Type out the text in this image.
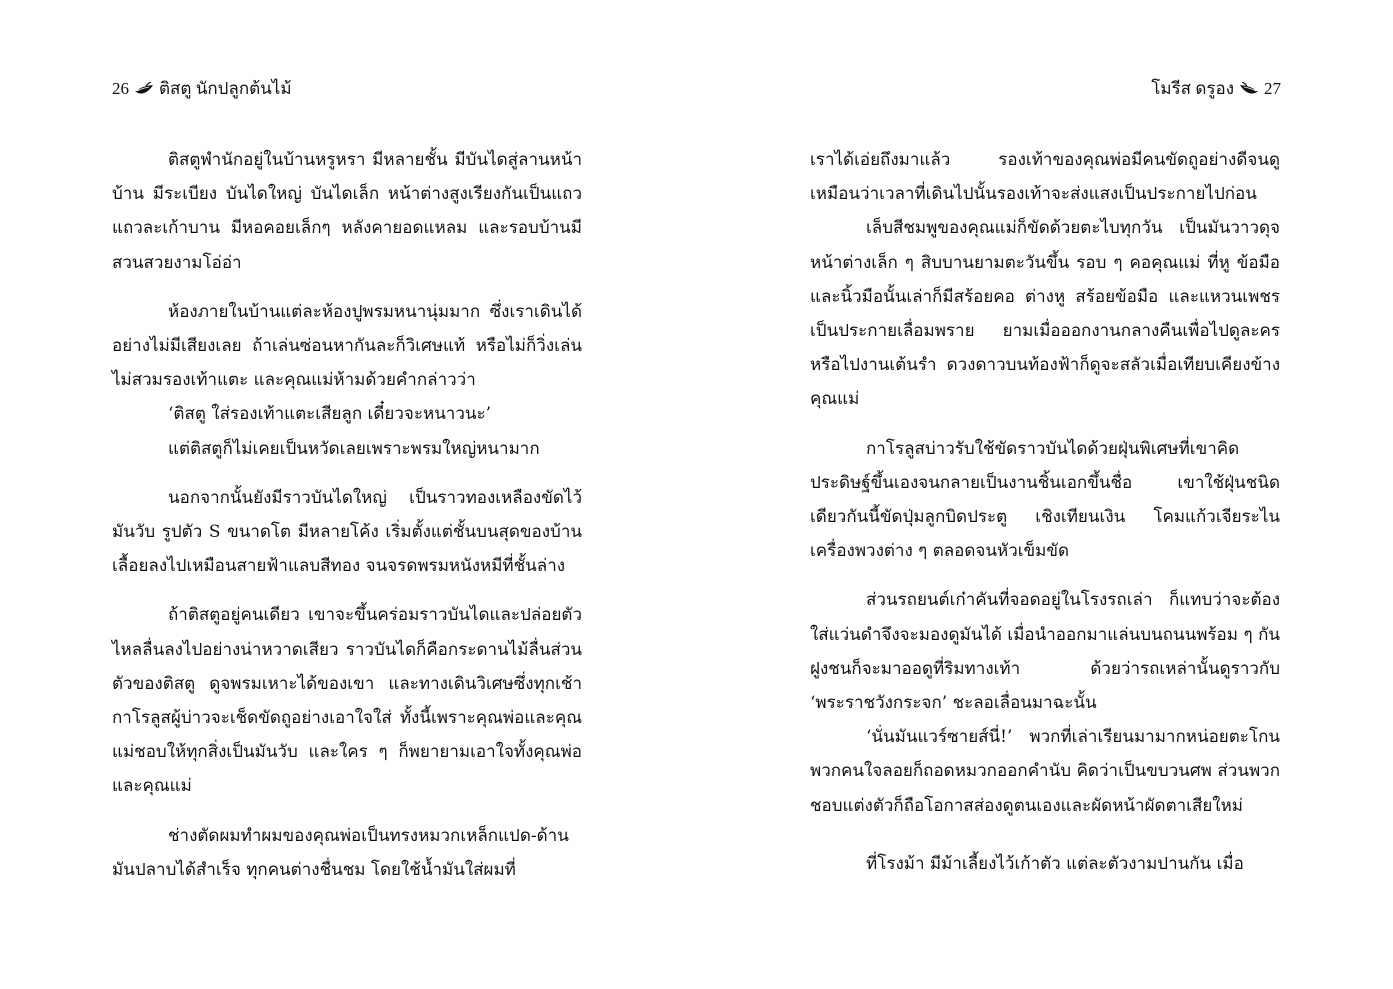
26 ติสตู นักปลูกต้นไม้

ติสตูพำนักอยู่ในบ้านหรูหรา มีหลายชั้น มีบันไดสู่ลานหน้าบ้าน มีระเบียง บันไดใหญ่ บันไดเล็ก หน้าต่างสูงเรียงกันเป็นแถว แถวละเก้าบาน มีหอคอยเล็กๆ หลังคายอดแหลม และรอบบ้านมีสวนสวยงามโอ่อ่า

ห้องภายในบ้านแต่ละห้องปูพรมหนานุ่มมาก ซึ่งเราเดินได้อย่างไม่มีเสียงเลย ถ้าเล่นซ่อนหากันละก็วิเศษแท้ หรือไม่ก็วิ่งเล่นไม่สวมรองเท้าแตะ และคุณแม่ห้ามด้วยคำกล่าวว่า

‘ติสตู ใส่รองเท้าแตะเสียลูก เดี๋ยวจะหนาวนะ’

แต่ติสตูก็ไม่เคยเป็นหวัดเลยเพราะพรมใหญ่หนามาก

นอกจากนั้นยังมีราวบันไดใหญ่ เป็นราวทองเหลืองขัดไว้มันวับ รูปตัว S ขนาดโต มีหลายโค้ง เริ่มตั้งแต่ชั้นบนสุดของบ้าน เลื้อยลงไปเหมือนสายฟ้าแลบสีทอง จนจรดพรมหนังหมีที่ชั้นล่าง

ถ้าติสตูอยู่คนเดียว เขาจะขึ้นคร่อมราวบันไดและปล่อยตัวไหลลื่นลงไปอย่างน่าหวาดเสียว ราวบันไดก็คือกระดานไม้ลื่นส่วนตัวของติสตู ดูจพรมเหาะได้ของเขา และทางเดินวิเศษซึ่งทุกเช้ากาโรลูสผู้บ่าวจะเช็ดขัดถูอย่างเอาใจใส่ ทั้งนี้เพราะคุณพ่อและคุณแม่ชอบให้ทุกสิ่งเป็นมันวับ และใคร ๆ ก็พยายามเอาใจทั้งคุณพ่อและคุณแม่

ช่างตัดผมทำผมของคุณพ่อเป็นทรงหมวกเหล็กแปด-ด้านมันปลาบได้สำเร็จ ทุกคนต่างชื่นชม โดยใช้น้ำมันใส่ผมที่

โมรีส ดรูอง 27

เราได้เอ่ยถึงมาแล้ว รองเท้าของคุณพ่อมีคนขัดถูอย่างดีจนดูเหมือนว่าเวลาที่เดินไปนั้นรองเท้าจะส่งแสงเป็นประกายไปก่อน

เล็บสีชมพูของคุณแม่ก็ขัดด้วยตะไบทุกวัน เป็นมันวาวดุจหน้าต่างเล็ก ๆ สิบบานยามตะวันขึ้น รอบ ๆ คอคุณแม่ ที่หู ข้อมือและนิ้วมือนั้นเล่าก็มีสร้อยคอ ต่างหู สร้อยข้อมือ และแหวนเพชรเป็นประกายเลื่อมพราย ยามเมื่อออกงานกลางคืนเพื่อไปดูละครหรือไปงานเต้นรำ ดวงดาวบนท้องฟ้าก็ดูจะสลัวเมื่อเทียบเคียงข้างคุณแม่

กาโรลูสบ่าวรับใช้ขัดราวบันไดด้วยฝุ่นพิเศษที่เขาคิดประดิษฐ์ขึ้นเองจนกลายเป็นงานชิ้นเอกขึ้นชื่อ เขาใช้ฝุ่นชนิดเดียวกันนี้ขัดปุ่มลูกบิดประตู เชิงเทียนเงิน โคมแก้วเจียระไน เครื่องพวงต่าง ๆ ตลอดจนหัวเข็มขัด

ส่วนรถยนต์เก๋าคันที่จอดอยู่ในโรงรถเล่า ก็แทบว่าจะต้องใส่แว่นดำจึงจะมองดูมันได้ เมื่อนำออกมาแล่นบนถนนพร้อม ๆ กัน ฝูงชนก็จะมาออดูที่ริมทางเท้า ด้วยว่ารถเหล่านั้นดูราวกับ ‘พระราชวังกระจก’ ชะลอเลื่อนมาฉะนั้น

‘นั่นมันแวร์ซายส์นี่!’ พวกที่เล่าเรียนมามากหน่อยตะโกน พวกคนใจลอยก็ถอดหมวกออกคำนับ คิดว่าเป็นขบวนศพ ส่วนพวกชอบแต่งตัวก็ถือโอกาสส่องดูตนเองและผัดหน้าผัดตาเสียใหม่

ที่โรงม้า มีม้าเลี้ยงไว้เก้าตัว แต่ละตัวงามปานกัน เมื่อ
